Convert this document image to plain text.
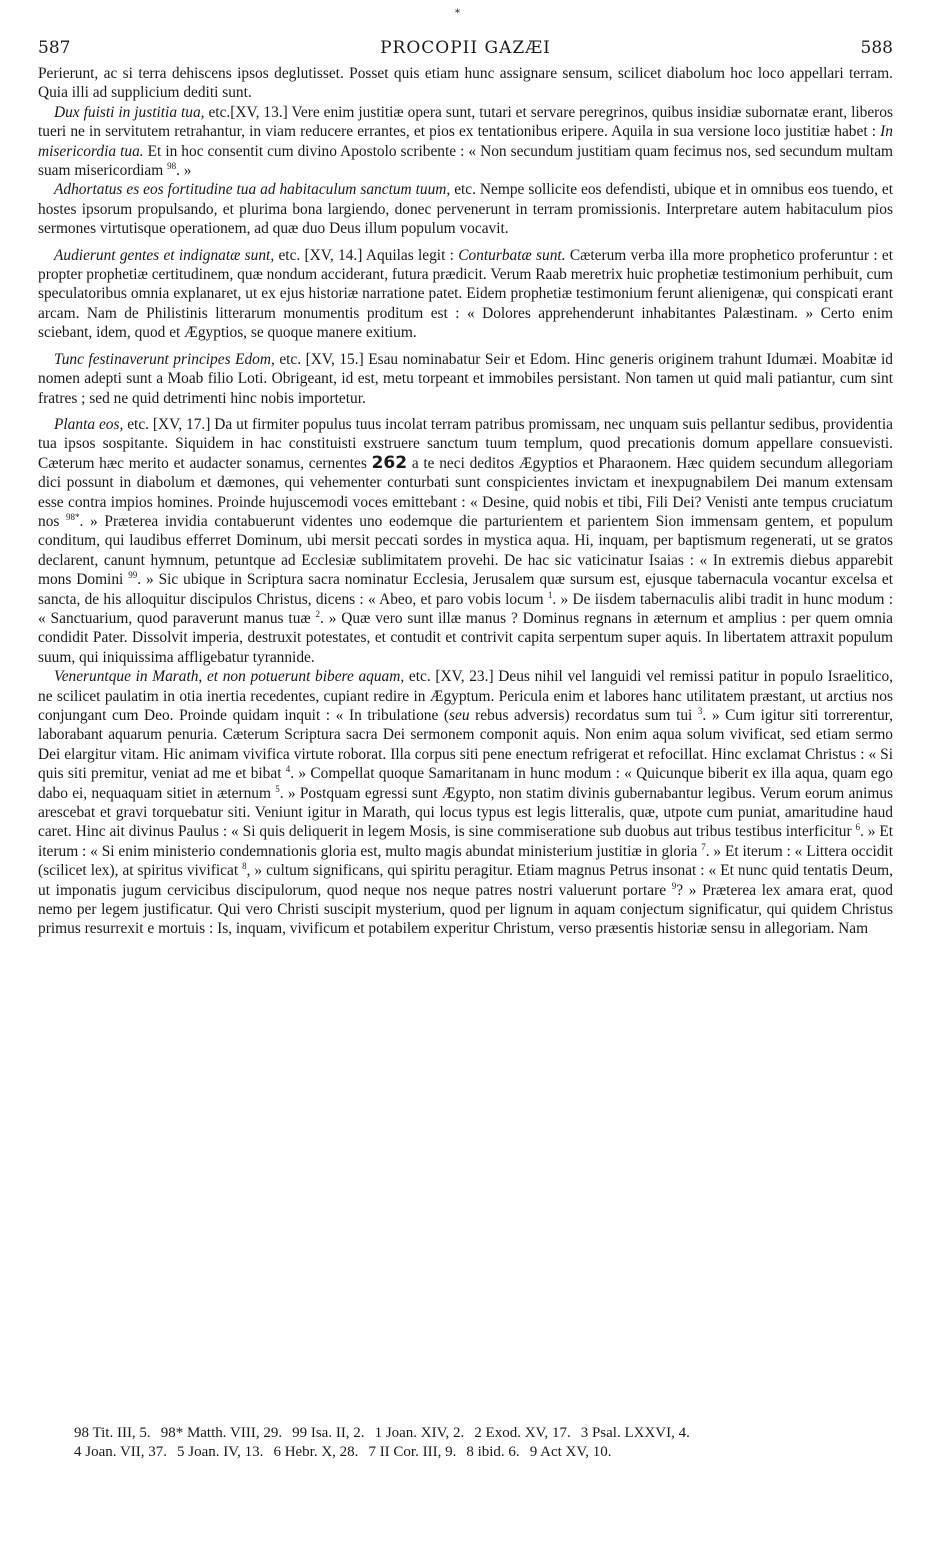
*
587	PROCOPII GAZÆI	588

Perierunt, ac si terra dehiscens ipsos deglutisset. Posset quis etiam hunc assignare sensum, scilicet diabolum hoc loco appellari terram. Quia illi ad supplicium dediti sunt.

Dux fuisti in justitia tua, etc.[XV, 13.] Vere enim justitiæ opera sunt, tutari et servare peregrinos, quibus insidiæ subornatæ erant, liberos tueri ne in servitutem retrahantur, in viam reducere errantes, et pios ex tentationibus eripere. Aquila in sua versione loco justitiæ habet : In misericordia tua. Et in hoc consentit cum divino Apostolo scribente : « Non secundum justitiam quam fecimus nos, sed secundum multam suam misericordiam $^{98}$. »

Adhortatus es eos fortitudine tua ad habitaculum sanctum tuum, etc. Nempe sollicite eos defendisti, ubique et in omnibus eos tuendo, et hostes ipsorum propulsando, et plurima bona largiendo, donec pervenerunt in terram promissionis. Interpretare autem habitaculum pios sermones virtutisque operationem, ad quæ duo Deus illum populum vocavit.

Audierunt gentes et indignatæ sunt, etc. [XV, 14.] Aquilas legit : Conturbatæ sunt. Cæterum verba illa more prophetico proferuntur : et propter prophetiæ certitudinem, quæ nondum acciderant, futura prædicit. Verum Raab meretrix huic prophetiæ testimonium perhibuit, cum speculatoribus omnia explanaret, ut ex ejus historiæ narratione patet. Eidem prophetiæ testimonium ferunt alienigenæ, qui conspicati erant arcam. Nam de Philistinis litterarum monumentis proditum est : « Dolores apprehenderunt inhabitantes Palæstinam. » Certo enim sciebant, idem, quod et Ægyptios, se quoque manere exitium.

Tunc festinaverunt principes Edom, etc. [XV, 15.] Esau nominabatur Seir et Edom. Hinc generis originem trahunt Idumæi. Moabitæ id nomen adepti sunt a Moab filio Loti. Obrigeant, id est, metu torpeant et immobiles persistant. Non tamen ut quid mali patiantur, cum sint fratres ; sed ne quid detrimenti hinc nobis importetur.

Planta eos, etc. [XV, 17.] Da ut firmiter populus tuus incolat terram patribus promissam, nec unquam suis pellantur sedibus, providentia tua ipsos sospitante. Siquidem in hac constituisti exstruere sanctum tuum templum, quod precationis domum appellare consuevisti. Cæterum hæc merito et audacter sonamus, cernentes 262 a te neci deditos Ægyptios et Pharaonem. Hæc quidem secundum allegoriam dici possunt in diabolum et dæmones, qui vehementer conturbati sunt conspicientes invictam et inexpugnabilem Dei manum extensam esse contra impios homines. Proinde hujuscemodi voces emittebant : « Desine, quid nobis et tibi, Fili Dei? Venisti ante tempus cruciatum nos $^{98*}$. » Præterea invidia contabuerunt videntes uno eodemque die parturientem et parientem Sion immensam gentem, et populum conditum, qui laudibus efferret Dominum, ubi mersit peccati sordes in mystica aqua. Hi, inquam, per baptismum regenerati, ut se gratos declarent, canunt hymnum, petuntque ad Ecclesiæ sublimitatem provehi. De hac sic vaticinatur Isaias : « In extremis diebus apparebit mons Domini $^{99}$. » Sic ubique in Scriptura sacra nominatur Ecclesia, Jerusalem quæ sursum est, ejusque tabernacula vocantur excelsa et sancta, de his alloquitur discipulos Christus, dicens : « Abeo, et paro vobis locum $^1$. » De iisdem tabernaculis alibi tradit in hunc modum : « Sanctuarium, quod paraverunt manus tuæ $^2$. » Quæ vero sunt illæ manus ? Dominus regnans in æternum et amplius : per quem omnia condidit Pater. Dissolvit imperia, destruxit potestates, et contudit et contrivit capita serpentum super aquis. In libertatem attraxit populum suum, qui iniquissima affligebatur tyrannide.

Veneruntque in Marath, et non potuerunt bibere aquam, etc. [XV, 23.] Deus nihil vel languidi vel remissi patitur in populo Israelitico, ne scilicet paulatim in otia inertia recedentes, cupiant redire in Ægyptum. Pericula enim et labores hanc utilitatem præstant, ut arctius nos conjungant cum Deo. Proinde quidam inquit : « In tribulatione (seu rebus adversis) recordatus sum tui $^3$. » Cum igitur siti torrerentur, laborabant aquarum penuria. Cæterum Scriptura sacra Dei sermonem componit aquis. Non enim aqua solum vivificat, sed etiam sermo Dei elargitur vitam. Hic animam vivifica virtute roborat. Illa corpus siti pene enectum refrigerat et refocillat. Hinc exclamat Christus : « Si quis siti premitur, veniat ad me et bibat $^4$. » Compellat quoque Samaritanam in hunc modum : « Quicunque biberit ex illa aqua, quam ego dabo ei, nequaquam sitiet in æternum $^5$. » Postquam egressi sunt Ægypto, non statim divinis gubernabantur legibus. Verum eorum animus arescebat et gravi torquebatur siti. Veniunt igitur in Marath, qui locus typus est legis litteralis, quæ, utpote cum puniat, amaritudine haud caret. Hinc ait divinus Paulus : « Si quis deliquerit in legem Mosis, is sine commiseratione sub duobus aut tribus testibus interficitur $^6$. » Et iterum : « Si enim ministerio condemnationis gloria est, multo magis abundat ministerium justitiæ in gloria $^7$. » Et iterum : « Littera occidit (scilicet lex), at spiritus vivificat $^8$, » cultum significans, qui spiritu peragitur. Etiam magnus Petrus insonat : « Et nunc quid tentatis Deum, ut imponatis jugum cervicibus discipulorum, quod neque nos neque patres nostri valuerunt portare $^9$? » Præterea lex amara erat, quod nemo per legem justificatur. Qui vero Christi suscipit mysterium, quod per lignum in aquam conjectum significatur, qui quidem Christus primus resurrexit e mortuis : Is, inquam, vivificum et potabilem experitur Christum, verso præsentis historiæ sensu in allegoriam. Nam

98 Tit. III, 5. 98* Matth. VIII, 29. 99 Isa. II, 2. 1 Joan. XIV, 2. 2 Exod. XV, 17. 3 Psal. LXXVI, 4.
4 Joan. VII, 37. 5 Joan. IV, 13. 6 Hebr. X, 28. 7 II Cor. III, 9. 8 ibid. 6. 9 Act XV, 10.
